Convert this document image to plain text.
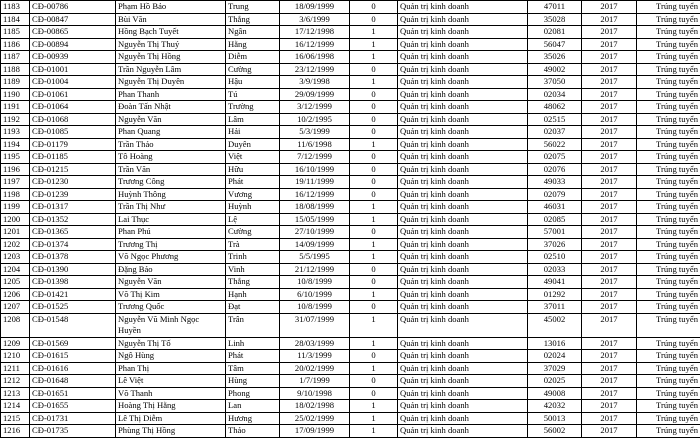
1183	CĐ-00786	Phạm Hồ Bảo	Trung	18/09/1999	0	Quản trị kinh doanh	47011	2017	Trúng tuyển
1184	CĐ-00847	Bùi Văn	Thắng	3/6/1999	0	Quản trị kinh doanh	35028	2017	Trúng tuyển
1185	CĐ-00865	Hồng Bạch Tuyết	Ngân	17/12/1998	1	Quản trị kinh doanh	02081	2017	Trúng tuyển
1186	CĐ-00894	Nguyễn Thị Thuý	Hằng	16/12/1999	1	Quản trị kinh doanh	56047	2017	Trúng tuyển
1187	CĐ-00939	Nguyễn Thị Hồng	Diễm	16/06/1998	1	Quản trị kinh doanh	35026	2017	Trúng tuyển
1188	CĐ-01001	Trần Nguyễn Lâm	Cường	23/12/1999	0	Quản trị kinh doanh	49002	2017	Trúng tuyển
1189	CĐ-01004	Nguyễn Thị Duyên	Hậu	3/9/1998	1	Quản trị kinh doanh	37050	2017	Trúng tuyển
1190	CĐ-01061	Phan Thanh	Tú	29/09/1999	0	Quản trị kinh doanh	02034	2017	Trúng tuyển
1191	CĐ-01064	Đoàn Tấn Nhật	Trường	3/12/1999	0	Quản trị kinh doanh	48062	2017	Trúng tuyển
1192	CĐ-01068	Nguyễn Văn	Lâm	10/2/1995	0	Quản trị kinh doanh	02515	2017	Trúng tuyển
1193	CĐ-01085	Phan Quang	Hải	5/3/1999	0	Quản trị kinh doanh	02037	2017	Trúng tuyển
1194	CĐ-01179	Trần Thảo	Duyên	11/6/1998	1	Quản trị kinh doanh	56022	2017	Trúng tuyển
1195	CĐ-01185	Tô Hoàng	Việt	7/12/1999	0	Quản trị kinh doanh	02075	2017	Trúng tuyển
1196	CĐ-01215	Trần Văn	Hữu	16/10/1999	0	Quản trị kinh doanh	02076	2017	Trúng tuyển
1197	CĐ-01230	Trương Công	Phát	19/11/1999	0	Quản trị kinh doanh	49033	2017	Trúng tuyển
1198	CĐ-01239	Huỳnh Thông	Vương	16/12/1999	0	Quản trị kinh doanh	02079	2017	Trúng tuyển
1199	CĐ-01317	Trần Thị Như	Huỳnh	18/08/1999	1	Quản trị kinh doanh	46031	2017	Trúng tuyển
1200	CĐ-01352	Lai Thục	Lệ	15/05/1999	1	Quản trị kinh doanh	02085	2017	Trúng tuyển
1201	CĐ-01365	Phan Phú	Cường	27/10/1999	0	Quản trị kinh doanh	57001	2017	Trúng tuyển
1202	CĐ-01374	Trương Thị	Trà	14/09/1999	1	Quản trị kinh doanh	37026	2017	Trúng tuyển
1203	CĐ-01378	Võ Ngọc Phương	Trinh	5/5/1995	1	Quản trị kinh doanh	02510	2017	Trúng tuyển
1204	CĐ-01390	Đặng Bảo	Vinh	21/12/1999	0	Quản trị kinh doanh	02033	2017	Trúng tuyển
1205	CĐ-01398	Nguyễn Văn	Thắng	10/8/1999	0	Quản trị kinh doanh	49041	2017	Trúng tuyển
1206	CĐ-01421	Võ Thị Kim	Hạnh	6/10/1999	1	Quản trị kinh doanh	01292	2017	Trúng tuyển
1207	CĐ-01525	Trương Quốc	Đạt	10/8/1999	0	Quản trị kinh doanh	37011	2017	Trúng tuyển
1208	CĐ-01548	Nguyễn Vũ Minh Ngọc Huyền	Trân	31/07/1999	1	Quản trị kinh doanh	45002	2017	Trúng tuyển
1209	CĐ-01569	Nguyễn Thị Tố	Linh	28/03/1999	1	Quản trị kinh doanh	13016	2017	Trúng tuyển
1210	CĐ-01615	Ngô Hùng	Phát	11/3/1999	0	Quản trị kinh doanh	02024	2017	Trúng tuyển
1211	CĐ-01616	Phan Thị	Tâm	20/02/1999	1	Quản trị kinh doanh	37029	2017	Trúng tuyển
1212	CĐ-01648	Lê Việt	Hùng	1/7/1999	0	Quản trị kinh doanh	02025	2017	Trúng tuyển
1213	CĐ-01651	Võ Thanh	Phong	9/10/1998	0	Quản trị kinh doanh	49008	2017	Trúng tuyển
1214	CĐ-01655	Hoàng Thị Hằng	Lan	18/02/1998	1	Quản trị kinh doanh	42032	2017	Trúng tuyển
1215	CĐ-01731	Lê Thị Diễm	Hương	25/02/1999	1	Quản trị kinh doanh	50013	2017	Trúng tuyển
1216	CĐ-01735	Phùng Thị Hồng	Thảo	17/09/1999	1	Quản trị kinh doanh	56002	2017	Trúng tuyển
